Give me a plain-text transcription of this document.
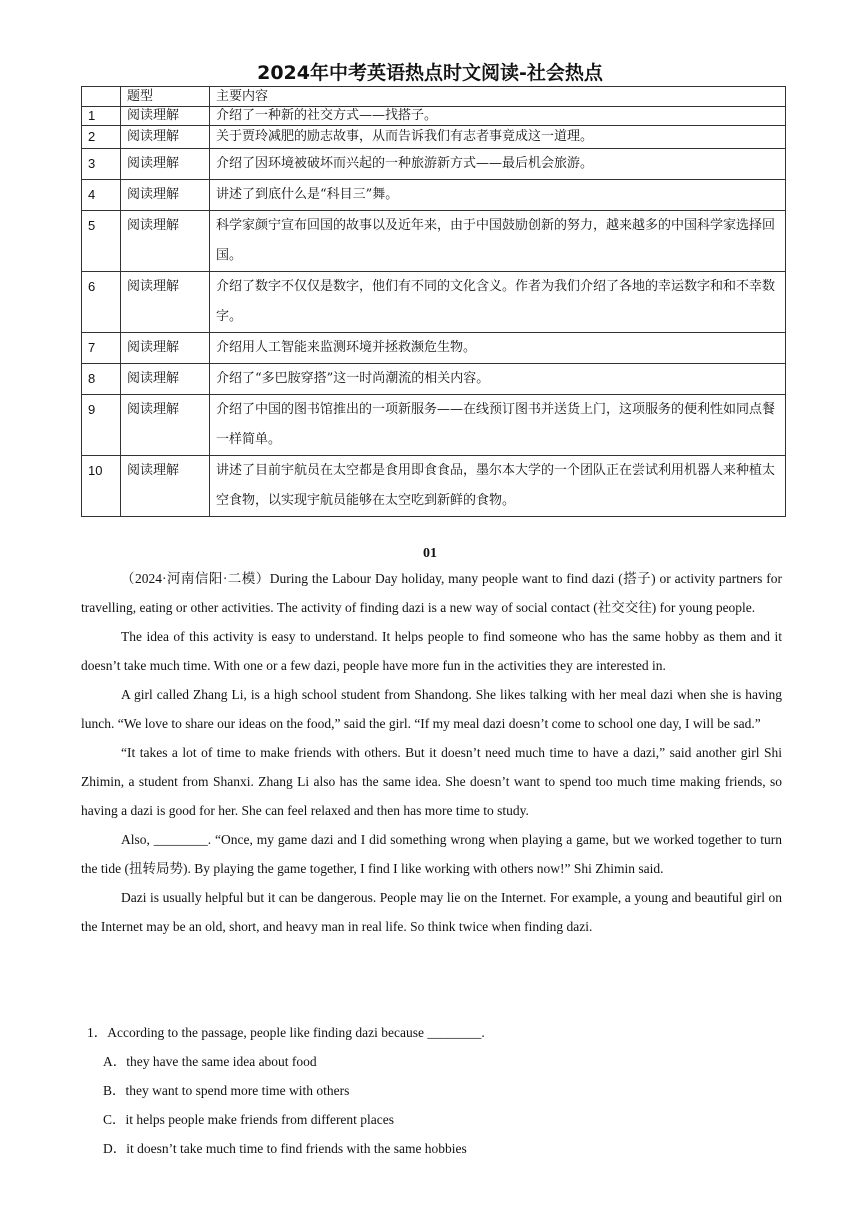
2024年中考英语热点时文阅读-社会热点
	题型	主要内容
1	阅读理解	介绍了一种新的社交方式——找搭子。
2	阅读理解	关于贾玲减肥的励志故事，从而告诉我们有志者事竟成这一道理。
3	阅读理解	介绍了因环境被破坏而兴起的一种旅游新方式——最后机会旅游。
4	阅读理解	讲述了到底什么是“科目三”舞。
5	阅读理解	科学家颜宁宣布回国的故事以及近年来，由于中国鼓励创新的努力，越来越多的中国科学家选择回国。
6	阅读理解	介绍了数字不仅仅是数字，他们有不同的文化含义。作者为我们介绍了各地的幸运数字和和不幸数字。
7	阅读理解	介绍用人工智能来监测环境并拯救濒危生物。
8	阅读理解	介绍了“多巴胺穿搭”这一时尚潮流的相关内容。
9	阅读理解	介绍了中国的图书馆推出的一项新服务——在线预订图书并送货上门，这项服务的便利性如同点餐一样简单。
10	阅读理解	讲述了目前宇航员在太空都是食用即食食品，墨尔本大学的一个团队正在尝试利用机器人来种植太空食物，以实现宇航员能够在太空吃到新鲜的食物。
01

（2024·河南信阳·二模）During the Labour Day holiday, many people want to find dazi (搭子) or activity partners for travelling, eating or other activities. The activity of finding dazi is a new way of social contact (社交交往) for young people.

The idea of this activity is easy to understand. It helps people to find someone who has the same hobby as them and it doesn’t take much time. With one or a few dazi, people have more fun in the activities they are interested in.

A girl called Zhang Li, is a high school student from Shandong. She likes talking with her meal dazi when she is having lunch. “We love to share our ideas on the food,” said the girl. “If my meal dazi doesn’t come to school one day, I will be sad.”

“It takes a lot of time to make friends with others. But it doesn’t need much time to have a dazi,” said another girl Shi Zhimin, a student from Shanxi. Zhang Li also has the same idea. She doesn’t want to spend too much time making friends, so having a dazi is good for her. She can feel relaxed and then has more time to study.

Also, ________. “Once, my game dazi and I did something wrong when playing a game, but we worked together to turn the tide (扭转局势). By playing the game together, I find I like working with others now!” Shi Zhimin said.

Dazi is usually helpful but it can be dangerous. People may lie on the Internet. For example, a young and beautiful girl on the Internet may be an old, short, and heavy man in real life. So think twice when finding dazi.

1．According to the passage, people like finding dazi because ________.

A．they have the same idea about food

B．they want to spend more time with others

C．it helps people make friends from different places

D．it doesn’t take much time to find friends with the same hobbies
